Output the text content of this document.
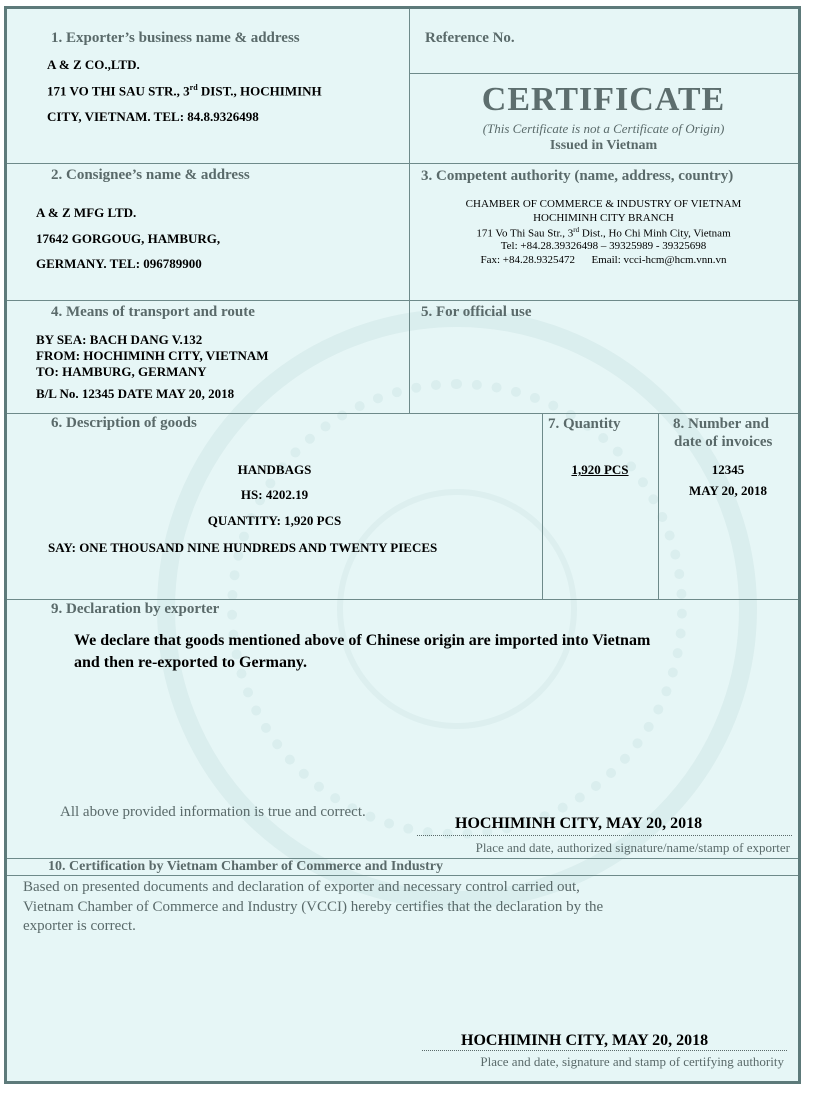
1. Exporter’s business name & address
A & Z CO.,LTD.
171 VO THI SAU STR., 3rd DIST., HOCHIMINH
CITY, VIETNAM. TEL: 84.8.9326498
Reference No.
CERTIFICATE
(This Certificate is not a Certificate of Origin)
Issued in Vietnam
2. Consignee’s name & address
A & Z MFG LTD.
17642 GORGOUG, HAMBURG,
GERMANY. TEL: 096789900
3. Competent authority (name, address, country)
CHAMBER OF COMMERCE & INDUSTRY OF VIETNAM
HOCHIMINH CITY BRANCH
171 Vo Thi Sau Str., 3rd Dist., Ho Chi Minh City, Vietnam
Tel: +84.28.39326498 – 39325989 - 39325698
Fax: +84.28.9325472      Email: vcci-hcm@hcm.vnn.vn
4. Means of transport and route
BY SEA: BACH DANG V.132
FROM: HOCHIMINH CITY, VIETNAM
TO: HAMBURG, GERMANY
B/L No. 12345 DATE MAY 20, 2018
5. For official use
6. Description of goods
HANDBAGS
HS: 4202.19
QUANTITY: 1,920 PCS
SAY: ONE THOUSAND NINE HUNDREDS AND TWENTY PIECES
7. Quantity
1,920 PCS
8. Number and
date of invoices
12345
MAY 20, 2018
9. Declaration by exporter
We declare that goods mentioned above of Chinese origin are imported into Vietnam
and then re-exported to Germany.
All above provided information is true and correct.
HOCHIMINH CITY, MAY 20, 2018
Place and date, authorized signature/name/stamp of exporter
10. Certification by Vietnam Chamber of Commerce and Industry
Based on presented documents and declaration of exporter and necessary control carried out,
Vietnam Chamber of Commerce and Industry (VCCI) hereby certifies that the declaration by the
exporter is correct.
HOCHIMINH CITY, MAY 20, 2018
Place and date, signature and stamp of certifying authority
